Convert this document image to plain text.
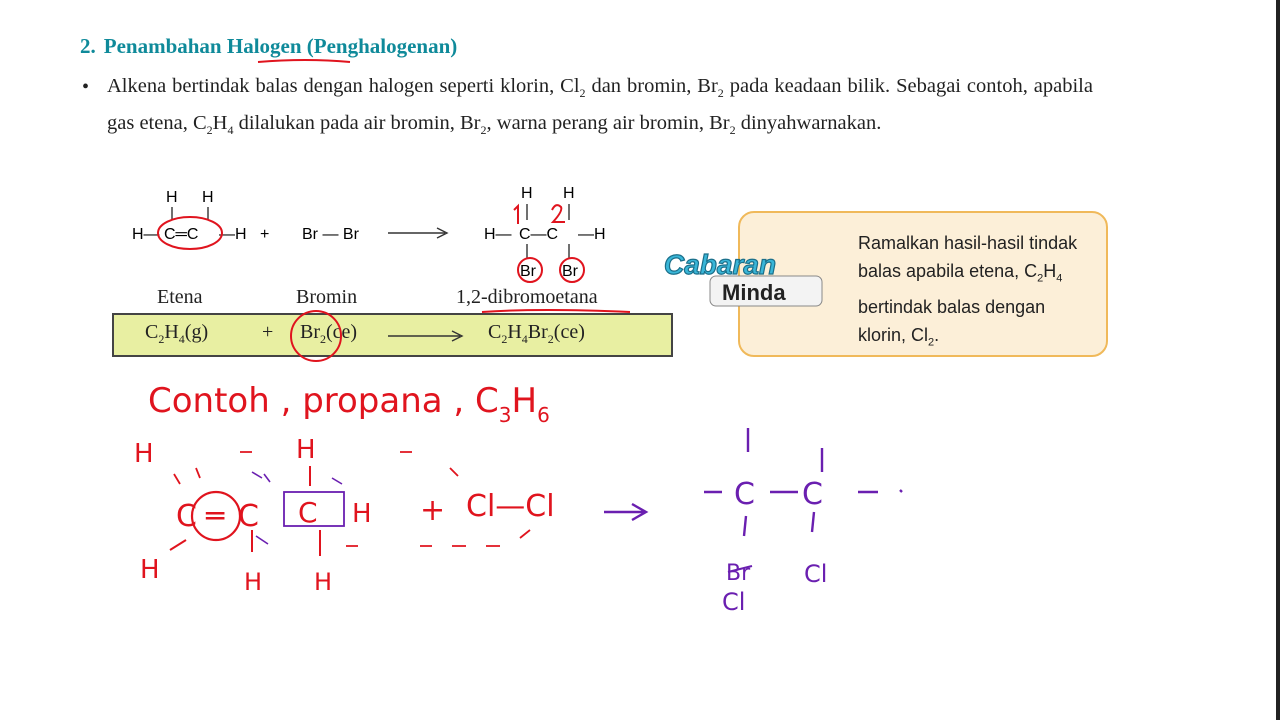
2. Penambahan Halogen (Penghalogenan)
• Alkena bertindak balas dengan halogen seperti klorin, $Cl_2$ dan bromin, $Br_2$ pada keadaan bilik. Sebagai contoh, apabila gas etena, $C_2H_4$ dilalukan pada air bromin, $Br_2$, warna perang air bromin, $Br_2$ dinyahwarnakan.
H H
H— C═C —H + Br — Br
H H
H— C—C —H
Br Br
Etena	Bromin	1,2-dibromoetana
$C_2H_4(g)$	+ $Br_2(ce)$	$C_2H_4Br_2(ce)$
Cabaran
Minda
Ramalkan hasil-hasil tindak balas apabila etena, $C_2H_4$ bertindak balas dengan klorin, $Cl_2$.
Contoh , propana , $C_3H_6$
H	H
C ═ C C H
H	H H
+ Cl—Cl	C C
Br
Cl
Cl
